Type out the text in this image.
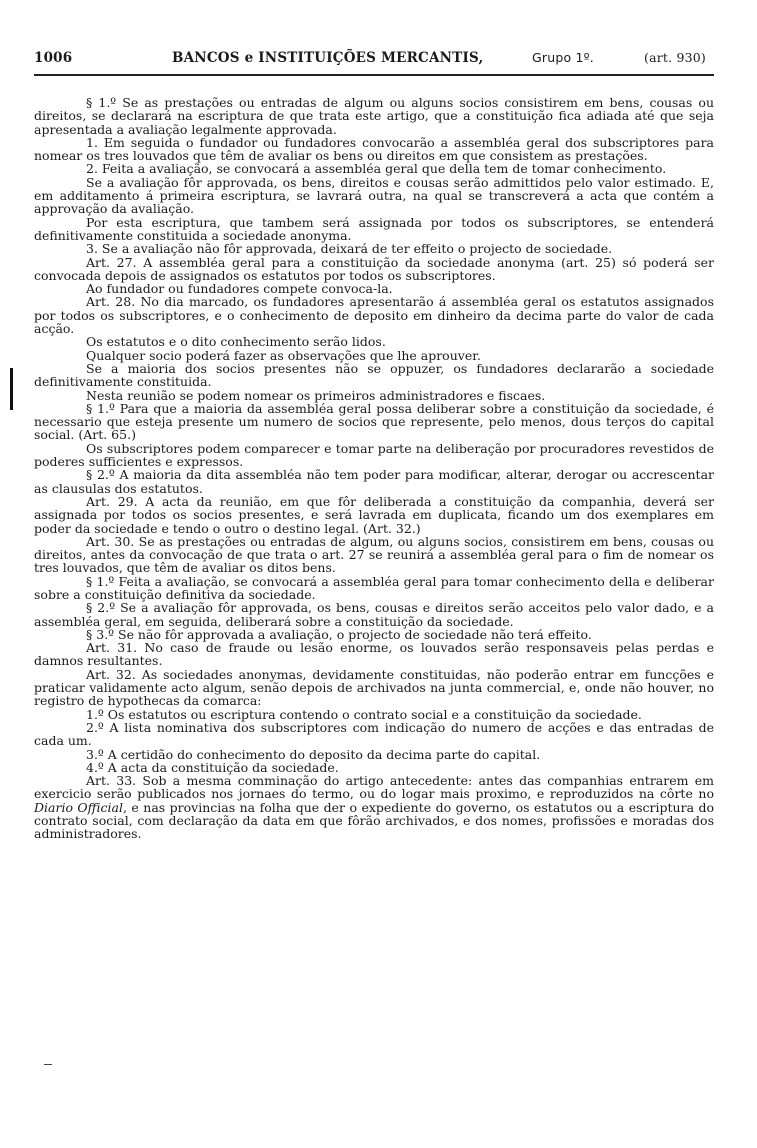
1006	BANCOS e INSTITUIÇÕES MERCANTIS,	Grupo 1º.	(art. 930)

§ 1.º Se as prestações ou entradas de algum ou alguns socios consistirem em bens, cousas ou direitos, se declarará na escriptura de que trata este artigo, que a constituição fica adiada até que seja apresentada a avaliação legalmente approvada.

1. Em seguida o fundador ou fundadores convocarão a assembléa geral dos subscriptores para nomear os tres louvados que têm de avaliar os bens ou direitos em que consistem as prestações.

2. Feita a avaliação, se convocará a assembléa geral que della tem de tomar conhecimento.

Se a avaliação fôr approvada, os bens, direitos e cousas serão admittidos pelo valor estimado. E, em additamento á primeira escriptura, se lavrará outra, na qual se transcreverá a acta que contém a approvação da avaliação.

Por esta escriptura, que tambem será assignada por todos os subscriptores, se entenderá definitivamente constituida a sociedade anonyma.

3. Se a avaliação não fôr approvada, deixará de ter effeito o projecto de sociedade.

Art. 27. A assembléa geral para a constituição da sociedade anonyma (art. 25) só poderá ser convocada depois de assignados os estatutos por todos os subscriptores.

Ao fundador ou fundadores compete convoca-la.

Art. 28. No dia marcado, os fundadores apresentarão á assembléa geral os estatutos assignados por todos os subscriptores, e o conhecimento de deposito em dinheiro da decima parte do valor de cada acção.

Os estatutos e o dito conhecimento serão lidos.

Qualquer socio poderá fazer as observações que lhe aprouver.

Se a maioria dos socios presentes não se oppuzer, os fundadores declararão a sociedade definitivamente constituida.

Nesta reunião se podem nomear os primeiros administradores e fiscaes.

§ 1.º Para que a maioria da assembléa geral possa deliberar sobre a constituição da sociedade, é necessario que esteja presente um numero de socios que represente, pelo menos, dous terços do capital social. (Art. 65.)

Os subscriptores podem comparecer e tomar parte na deliberação por procuradores revestidos de poderes sufficientes e expressos.

§ 2.º A maioria da dita assembléa não tem poder para modificar, alterar, derogar ou accrescentar as clausulas dos estatutos.

Art. 29. A acta da reunião, em que fôr deliberada a constituição da companhia, deverá ser assignada por todos os socios presentes, e será lavrada em duplicata, ficando um dos exemplares em poder da sociedade e tendo o outro o destino legal. (Art. 32.)

Art. 30. Se as prestações ou entradas de algum, ou alguns socios, consistirem em bens, cousas ou direitos, antes da convocação de que trata o art. 27 se reunirá a assembléa geral para o fim de nomear os tres louvados, que têm de avaliar os ditos bens.

§ 1.º Feita a avaliação, se convocará a assembléa geral para tomar conhecimento della e deliberar sobre a constituição definitiva da sociedade.

§ 2.º Se a avaliação fôr approvada, os bens, cousas e direitos serão acceitos pelo valor dado, e a assembléa geral, em seguida, deliberará sobre a constituição da sociedade.

§ 3.º Se não fôr approvada a avaliação, o projecto de sociedade não terá effeito.

Art. 31. No caso de fraude ou lesão enorme, os louvados serão responsaveis pelas perdas e damnos resultantes.

Art. 32. As sociedades anonymas, devidamente constituidas, não poderão entrar em funcções e praticar validamente acto algum, senão depois de archivados na junta commercial, e, onde não houver, no registro de hypothecas da comarca:

1.º Os estatutos ou escriptura contendo o contrato social e a constituição da sociedade.

2.º A lista nominativa dos subscriptores com indicação do numero de acções e das entradas de cada um.

3.º A certidão do conhecimento do deposito da decima parte do capital.

4.º A acta da constituição da sociedade.

Art. 33. Sob a mesma comminação do artigo antecedente: antes das companhias entrarem em exercicio serão publicados nos jornaes do termo, ou do logar mais proximo, e reproduzidos na côrte no Diario Official, e nas provincias na folha que der o expediente do governo, os estatutos ou a escriptura do contrato social, com declaração da data em que fôrão archivados, e dos nomes, profissões e moradas dos administradores.
